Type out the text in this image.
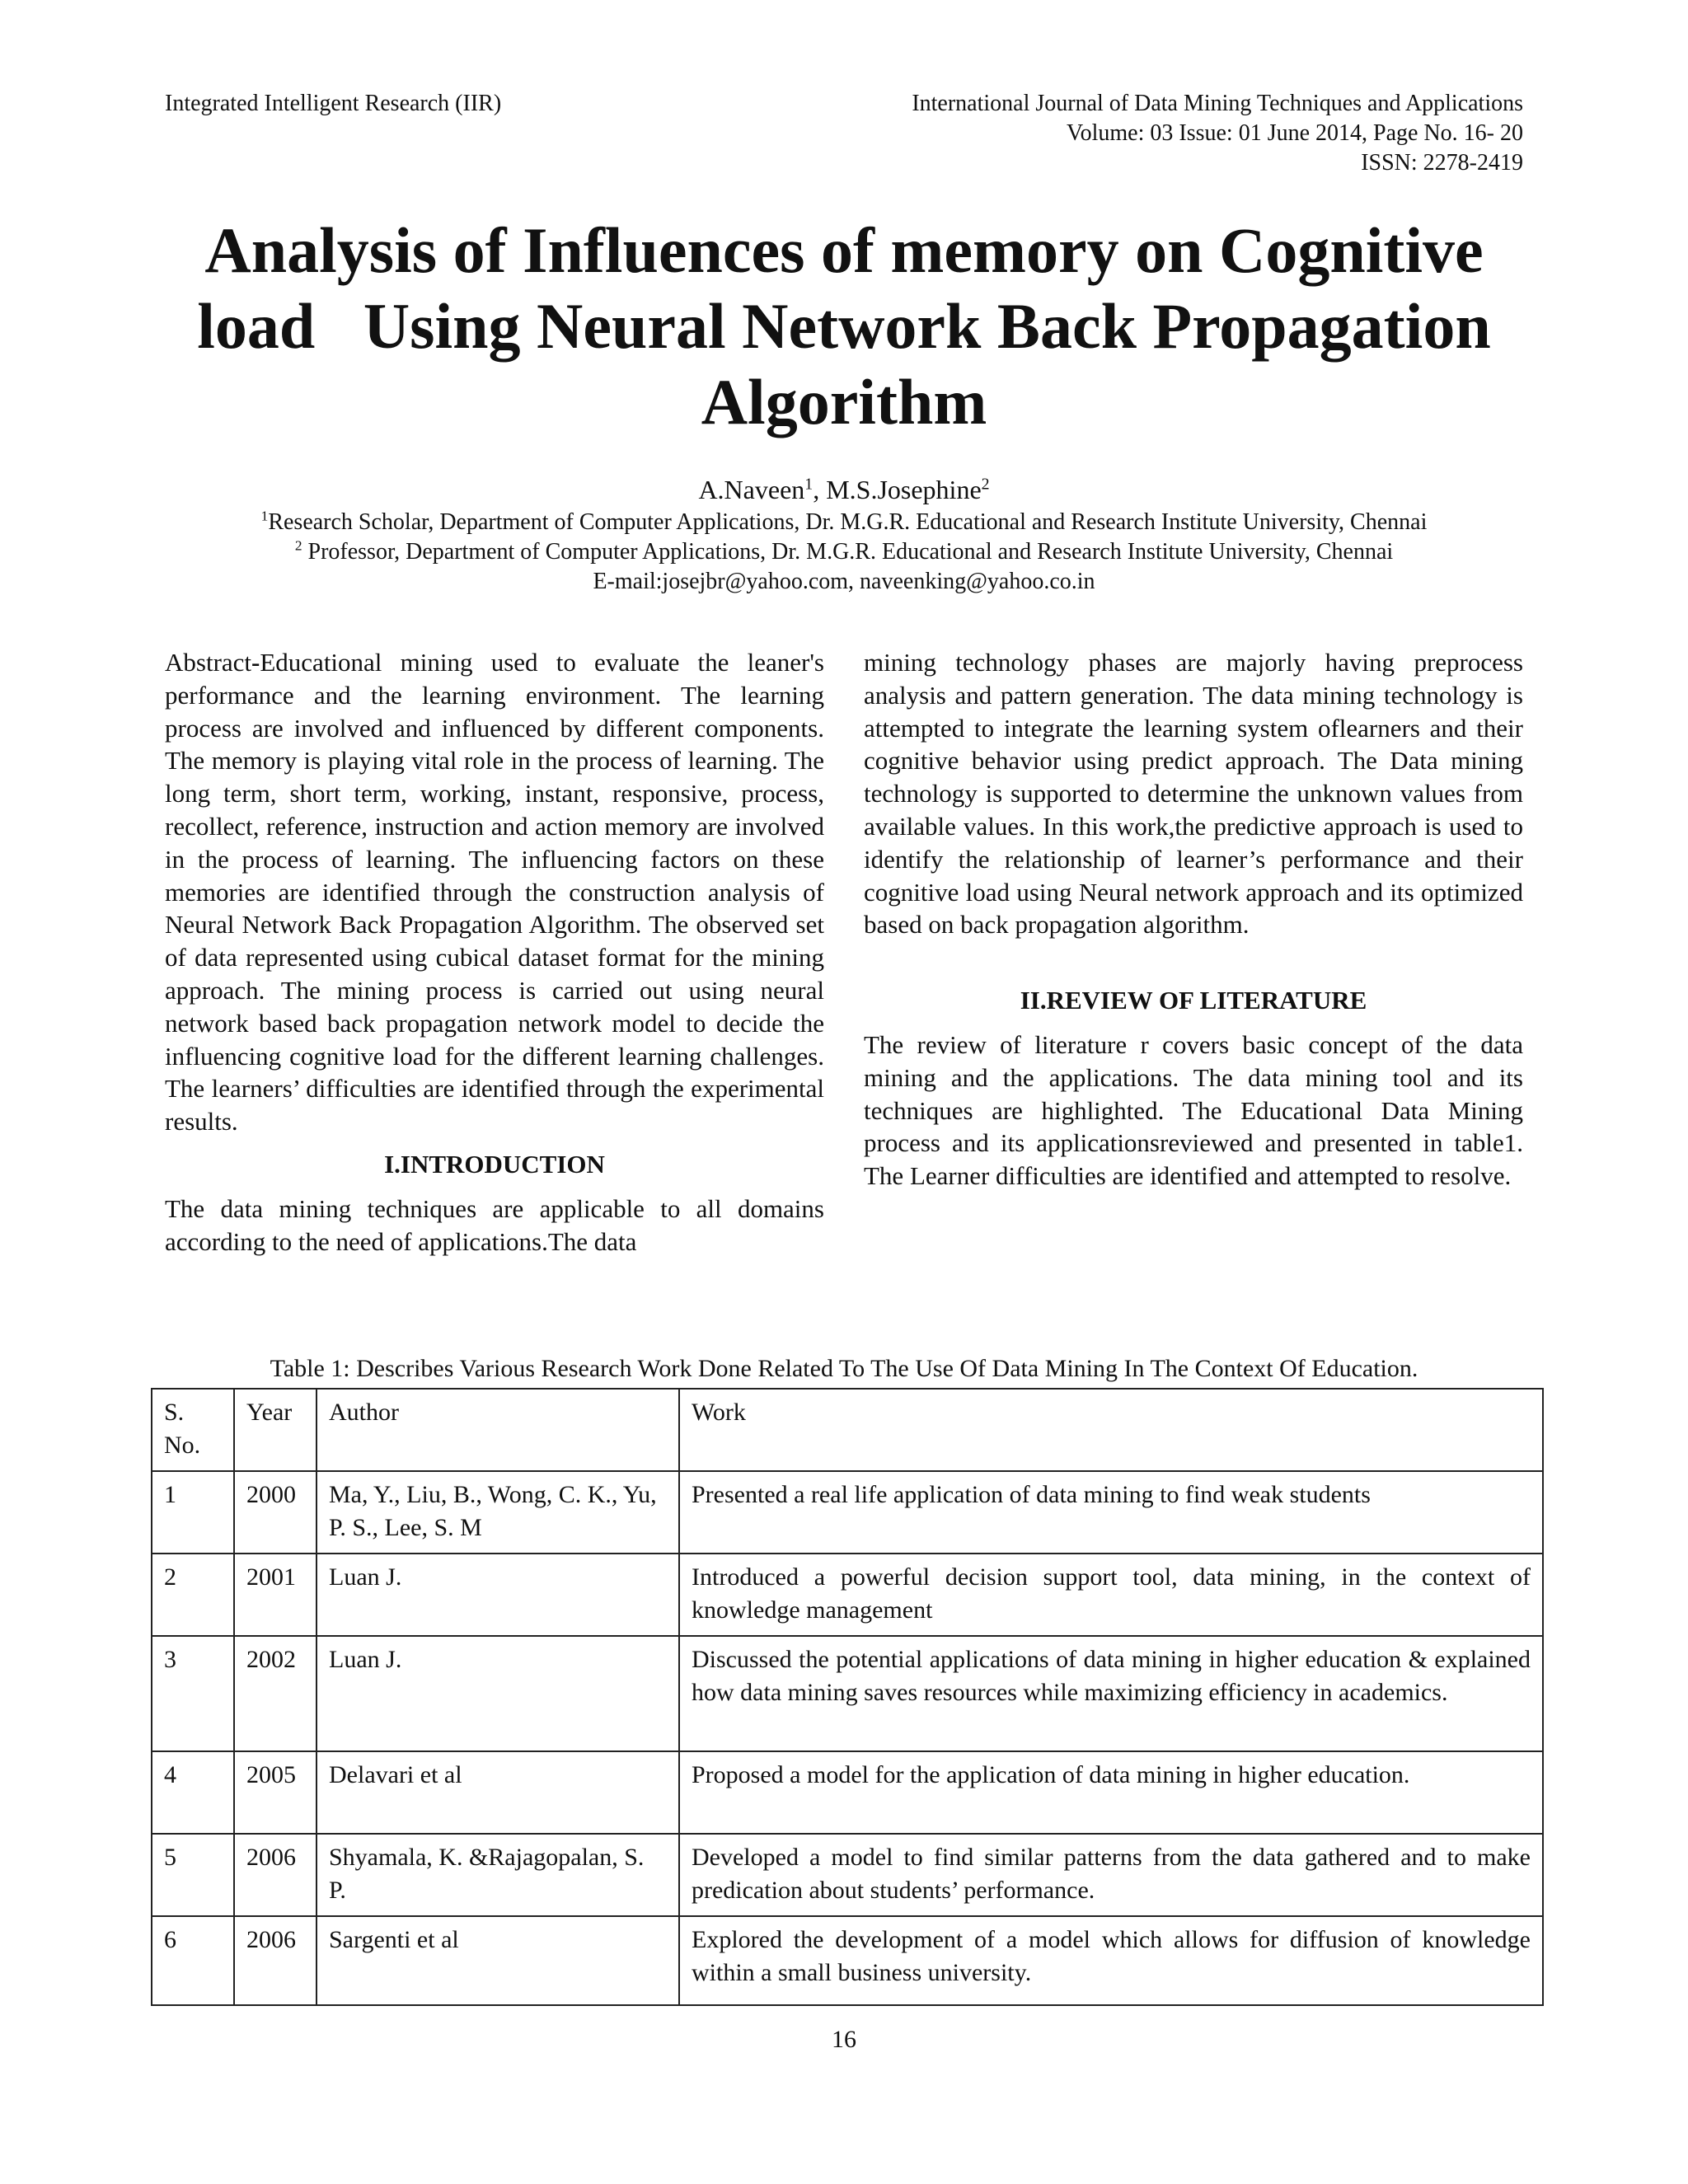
Integrated Intelligent Research (IIR)	International Journal of Data Mining Techniques and Applications
Volume: 03 Issue: 01 June 2014, Page No. 16- 20
ISSN: 2278-2419
Analysis of Influences of memory on Cognitive
load   Using Neural Network Back Propagation
Algorithm
A.Naveen$^1$, M.S.Josephine$^2$
$^1$Research Scholar, Department of Computer Applications, Dr. M.G.R. Educational and Research Institute University, Chennai
$^2$ Professor, Department of Computer Applications, Dr. M.G.R. Educational and Research Institute University, Chennai
E-mail:josejbr@yahoo.com, naveenking@yahoo.co.in

Abstract-Educational mining used to evaluate the leaner's performance and the learning environment. The learning process are involved and influenced by different components. The memory is playing vital role in the process of learning. The long term, short term, working, instant, responsive, process, recollect, reference, instruction and action memory are involved in the process of learning. The influencing factors on these memories are identified through the construction analysis of Neural Network Back Propagation Algorithm. The observed set of data represented using cubical dataset format for the mining approach. The mining process is carried out using neural network based back propagation network model to decide the influencing cognitive load for the different learning challenges. The learners’ difficulties are identified through the experimental results.

I.INTRODUCTION

The data mining techniques are applicable to all domains according to the need of applications.The data

mining technology phases are majorly having preprocess analysis and pattern generation. The data mining technology is attempted to integrate the learning system oflearners and their cognitive behavior using predict approach. The Data mining technology is supported to determine the unknown values from available values. In this work,the predictive approach is used to identify the relationship of learner’s performance and their cognitive load using Neural network approach and its optimized based on back propagation algorithm.

II.REVIEW OF LITERATURE

The review of literature r covers basic concept of the data mining and the applications. The data mining tool and its techniques are highlighted. The Educational Data Mining process and its applicationsreviewed and presented in table1. The Learner difficulties are identified and attempted to resolve.

Table 1: Describes Various Research Work Done Related To The Use Of Data Mining In The Context Of Education.
S. No.	Year	Author	Work
1	2000	Ma, Y., Liu, B., Wong, C. K., Yu, P. S., Lee, S. M	Presented a real life application of data mining to find weak students
2	2001	Luan J.	Introduced a powerful decision support tool, data mining, in the context of knowledge management
3	2002	Luan J.	Discussed the potential applications of data mining in higher education & explained how data mining saves resources while maximizing efficiency in academics.
4	2005	Delavari et al	Proposed a model for the application of data mining in higher education.
5	2006	Shyamala, K. &Rajagopalan, S. P.	Developed a model to find similar patterns from the data gathered and to make predication about students’ performance.
6	2006	Sargenti et al	Explored the development of a model which allows for diffusion of knowledge within a small business university.
16
